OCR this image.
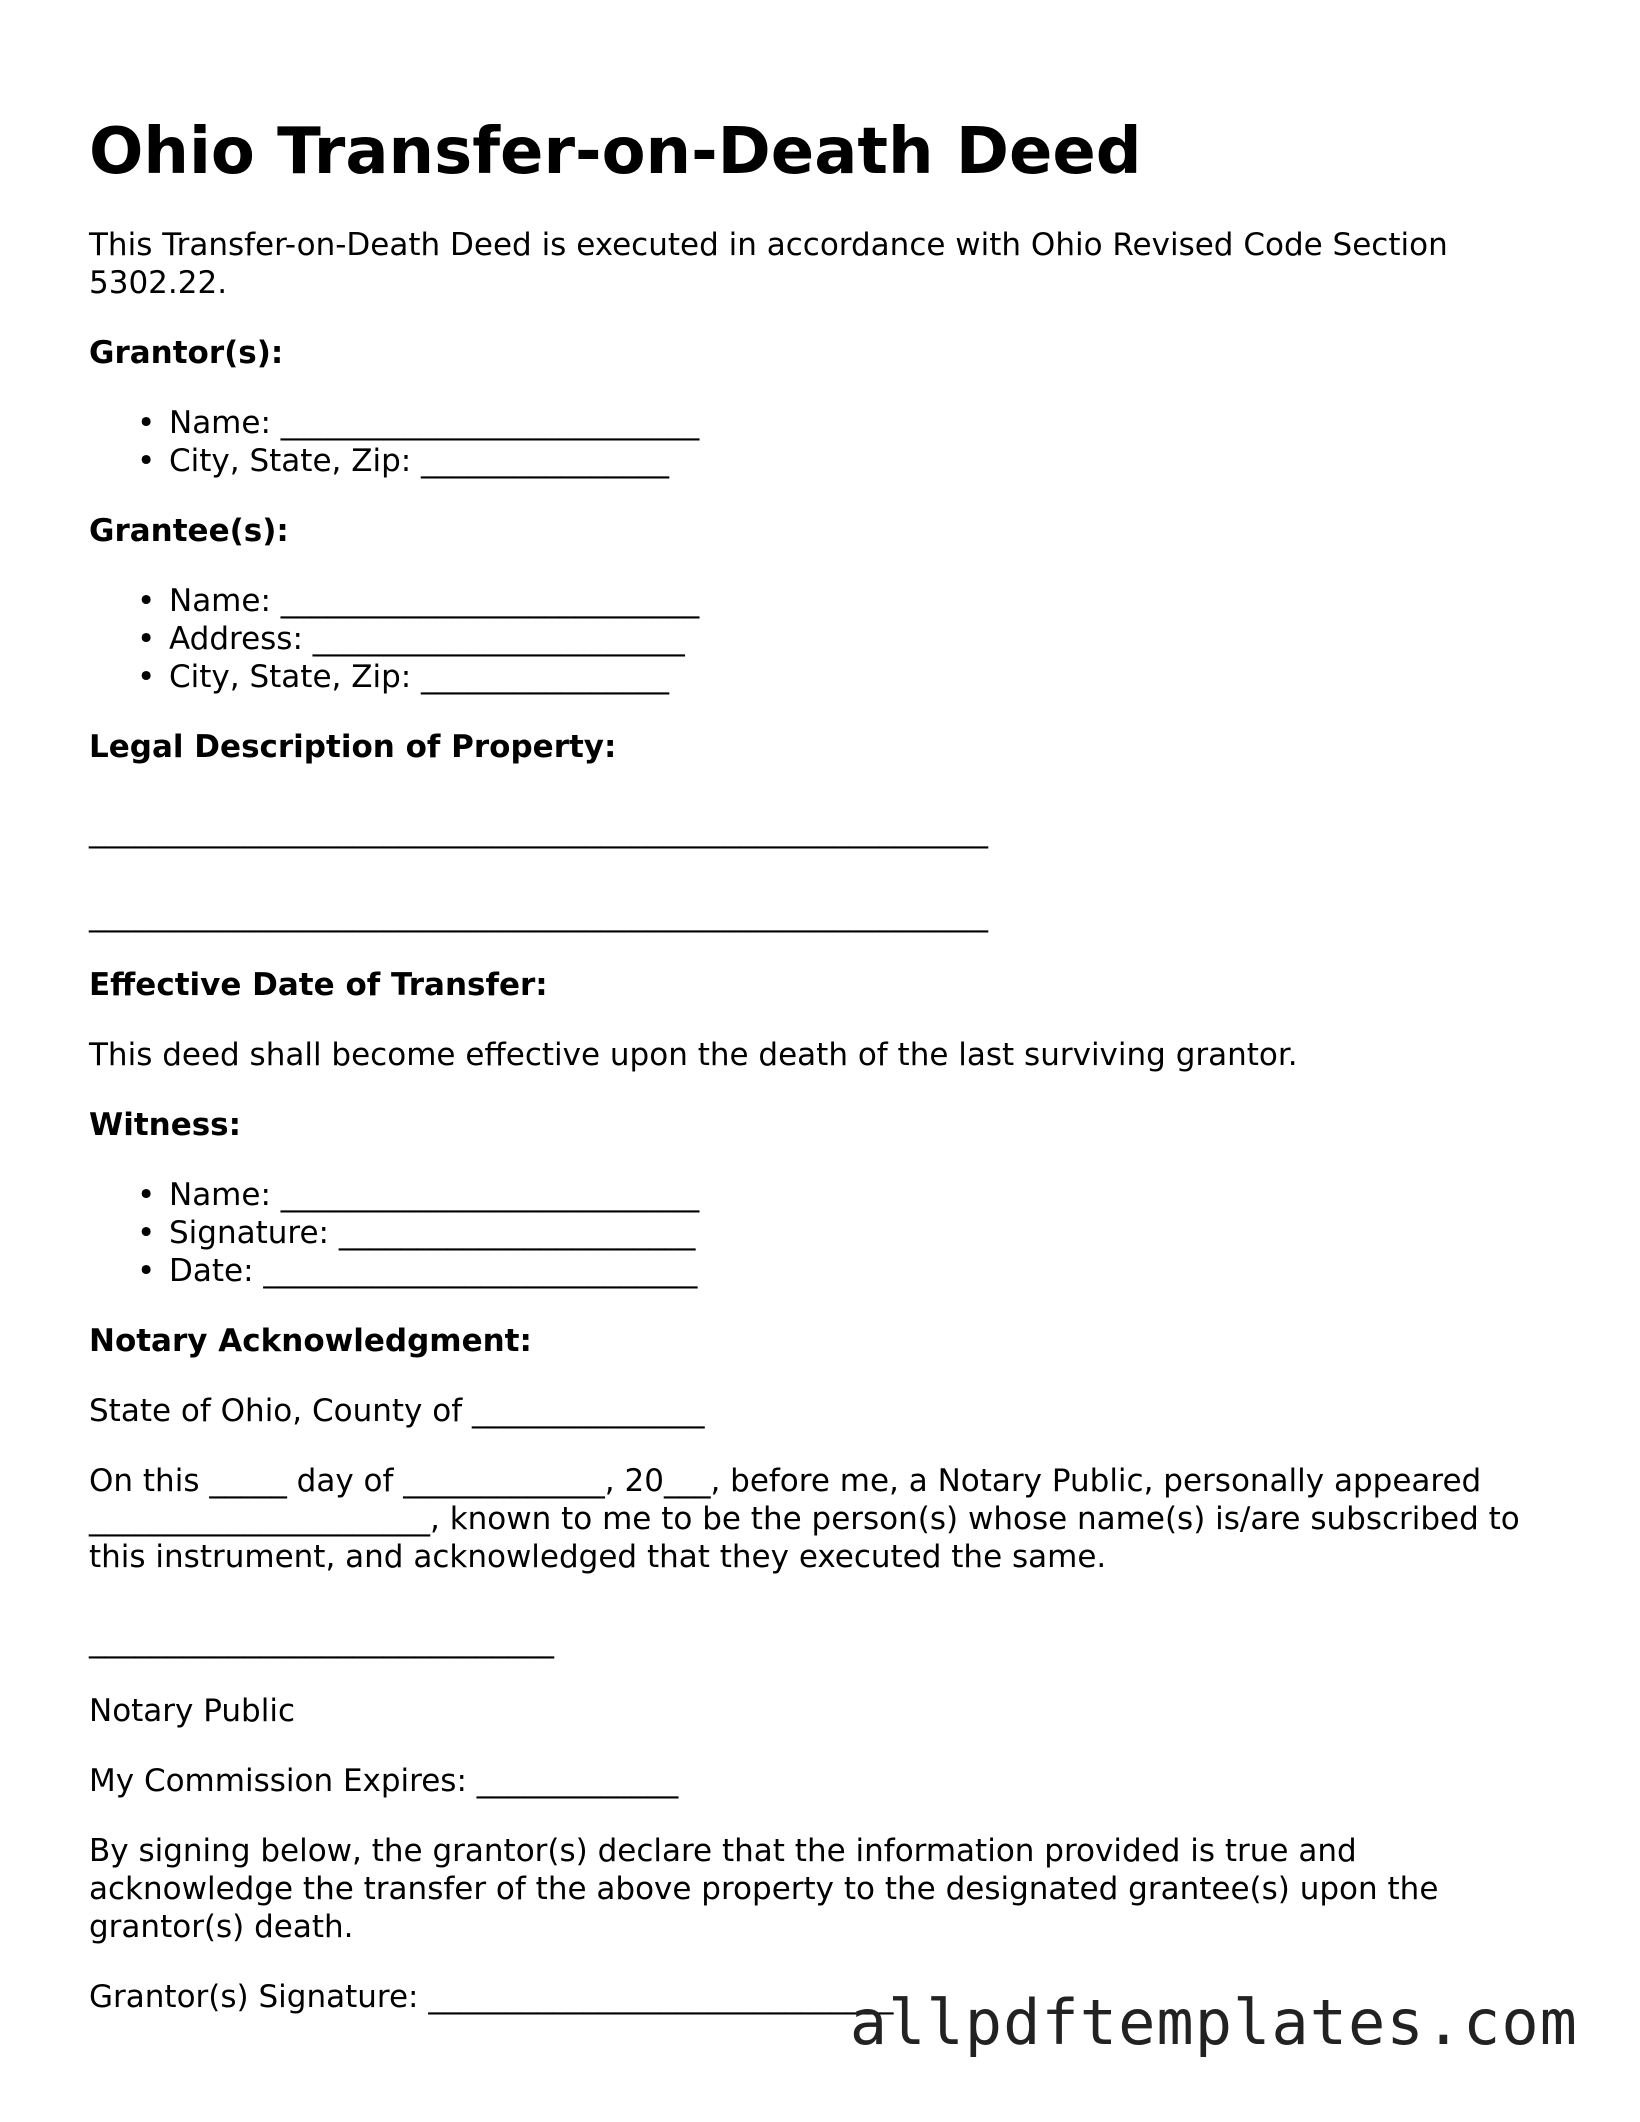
Ohio Transfer-on-Death Deed

This Transfer-on-Death Deed is executed in accordance with Ohio Revised Code Section 5302.22.

Grantor(s):
• Name: ___________________________
• City, State, Zip: ________________
Grantee(s):
• Name: ___________________________
• Address: ________________________
• City, State, Zip: ________________
Legal Description of Property:
__________________________________________________________
__________________________________________________________
Effective Date of Transfer:

This deed shall become effective upon the death of the last surviving grantor.

Witness:
• Name: ___________________________
• Signature: _______________________
• Date: ____________________________
Notary Acknowledgment:

State of Ohio, County of _______________

On this _____ day of _____________, 20___, before me, a Notary Public, personally appeared ______________________, known to me to be the person(s) whose name(s) is/are subscribed to this instrument, and acknowledged that they executed the same.

______________________________

Notary Public

My Commission Expires: _____________

By signing below, the grantor(s) declare that the information provided is true and acknowledge the transfer of the above property to the designated grantee(s) upon the grantor(s) death.

Grantor(s) Signature: ______________________________

allpdftemplates.com
